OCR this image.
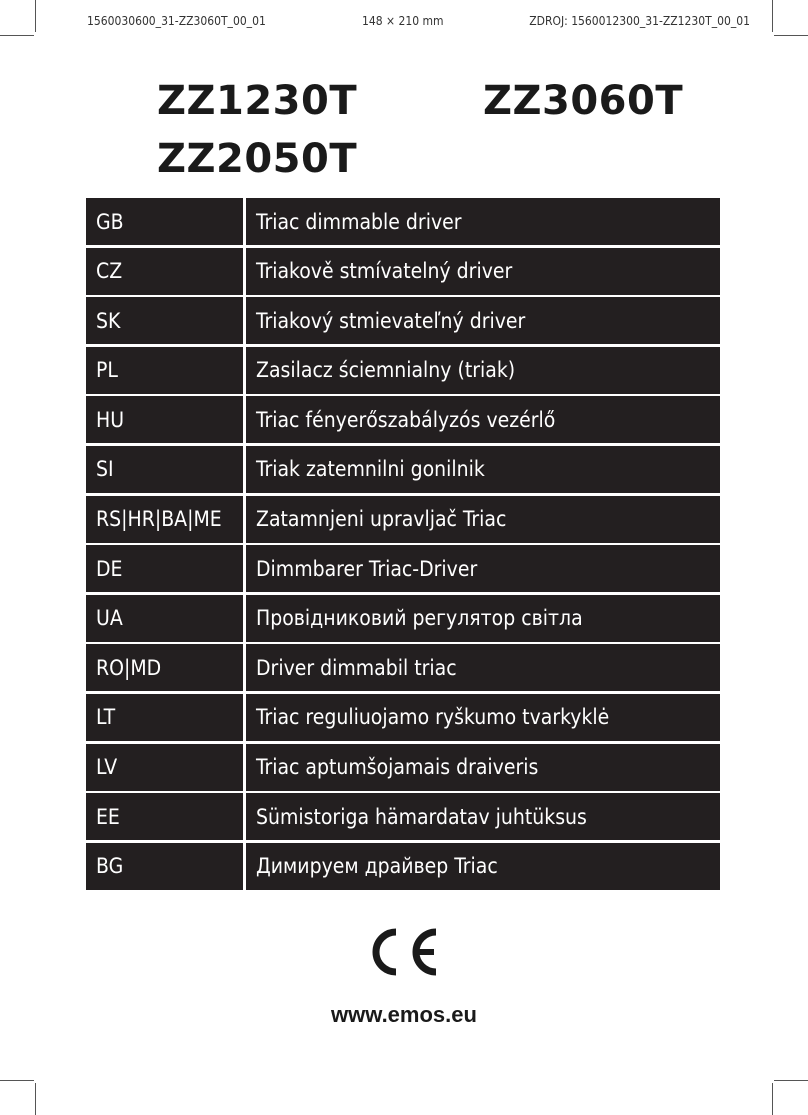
1560030600_31-ZZ3060T_00_01	148 × 210 mm	ZDROJ: 1560012300_31-ZZ1230T_00_01
ZZ1230T	ZZ3060T
ZZ2050T
GB	Triac dimmable driver
CZ	Triakově stmívatelný driver
SK	Triakový stmievateľný driver
PL	Zasilacz ściemnialny (triak)
HU	Triac fényerőszabályzós vezérlő
SI	Triak zatemnilni gonilnik
RS|HR|BA|ME	Zatamnjeni upravljač Triac
DE	Dimmbarer Triac-Driver
UA	Провідниковий регулятор світла
RO|MD	Driver dimmabil triac
LT	Triac reguliuojamo ryškumo tvarkyklė
LV	Triac aptumšojamais draiveris
EE	Sümistoriga hämardatav juhtüksus
BG	Димируем драйвер Triac
www.emos.eu
